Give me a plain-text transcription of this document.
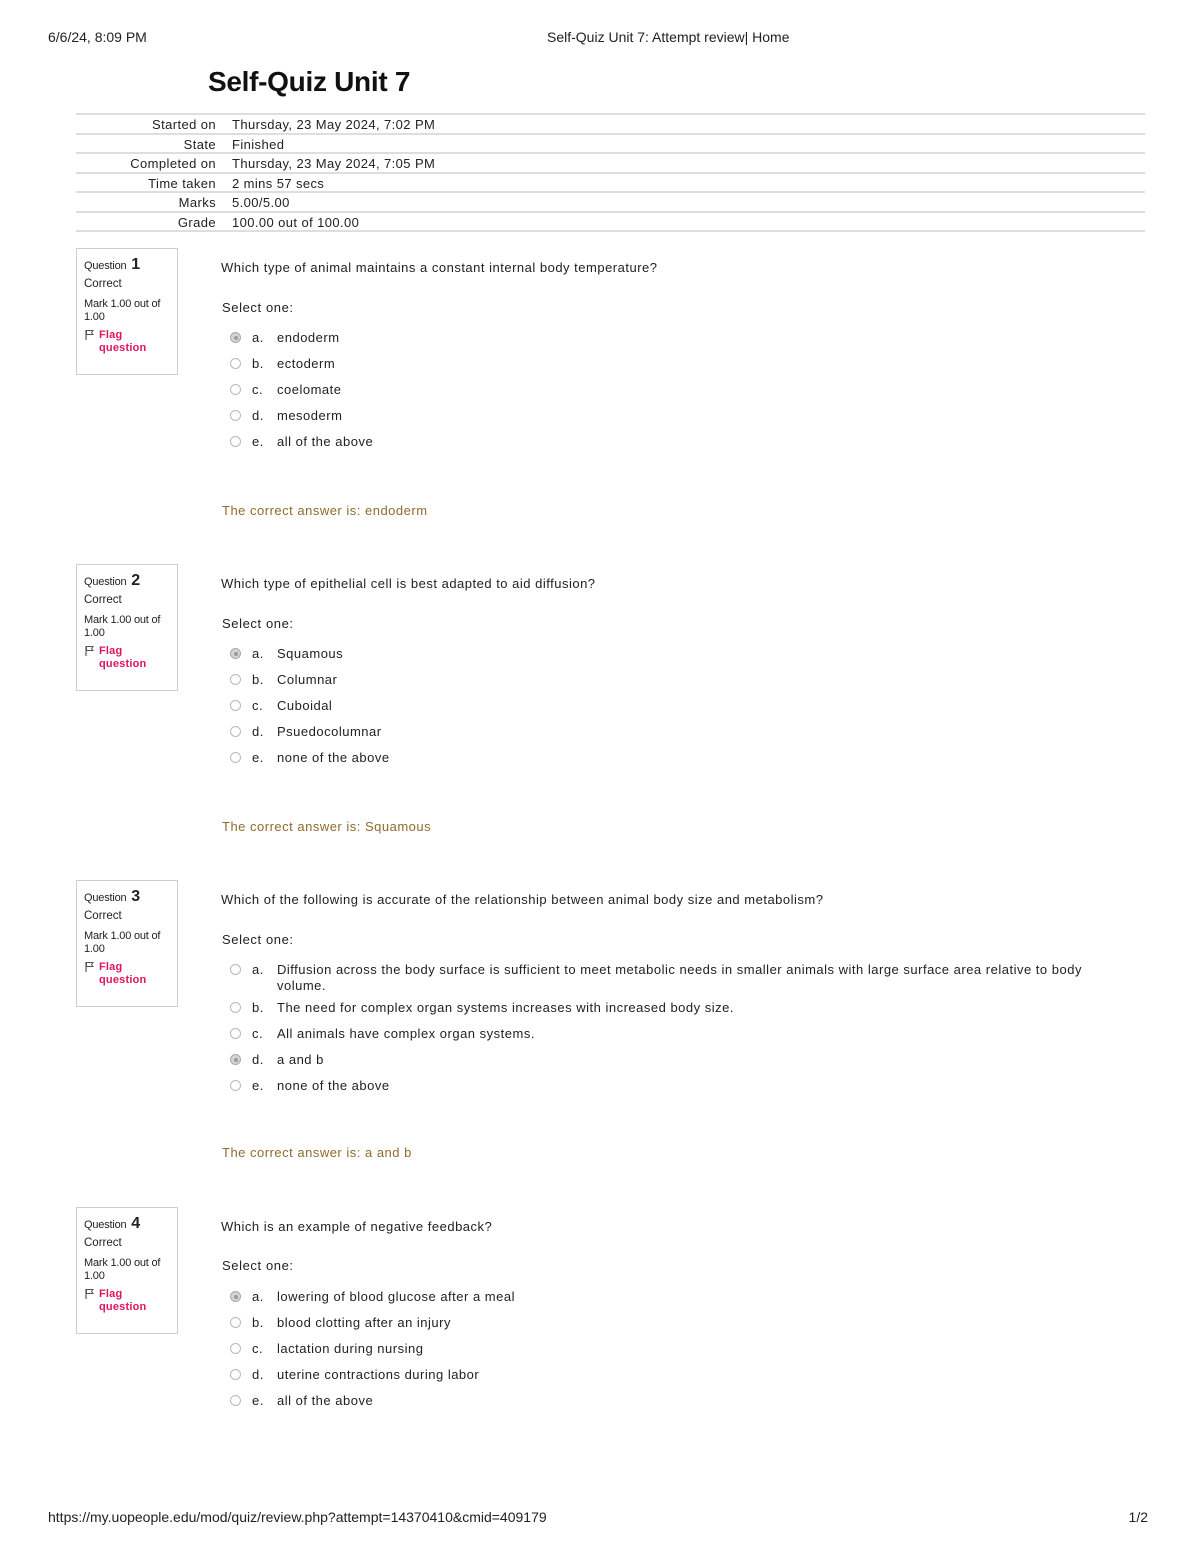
6/6/24, 8:09 PM	Self-Quiz Unit 7: Attempt review| Home
Self-Quiz Unit 7
Started on Thursday, 23 May 2024, 7:02 PM
State Finished
Completed on Thursday, 23 May 2024, 7:05 PM
Time taken 2 mins 57 secs
Marks 5.00/5.00
Grade 100.00 out of 100.00
Question 1
Correct
Mark 1.00 out of 1.00
Flag question
Which type of animal maintains a constant internal body temperature?
Select one:
a. endoderm
b. ectoderm
c. coelomate
d. mesoderm
e. all of the above
The correct answer is: endoderm
Question 2
Correct
Mark 1.00 out of 1.00
Flag question
Which type of epithelial cell is best adapted to aid diffusion?
Select one:
a. Squamous
b. Columnar
c. Cuboidal
d. Psuedocolumnar
e. none of the above
The correct answer is: Squamous
Question 3
Correct
Mark 1.00 out of 1.00
Flag question
Which of the following is accurate of the relationship between animal body size and metabolism?
Select one:
a. Diffusion across the body surface is sufficient to meet metabolic needs in smaller animals with large surface area relative to body volume.
b. The need for complex organ systems increases with increased body size.
c. All animals have complex organ systems.
d. a and b
e. none of the above
The correct answer is: a and b
Question 4
Correct
Mark 1.00 out of 1.00
Flag question
Which is an example of negative feedback?
Select one:
a. lowering of blood glucose after a meal
b. blood clotting after an injury
c. lactation during nursing
d. uterine contractions during labor
e. all of the above
https://my.uopeople.edu/mod/quiz/review.php?attempt=14370410&cmid=409179	1/2
